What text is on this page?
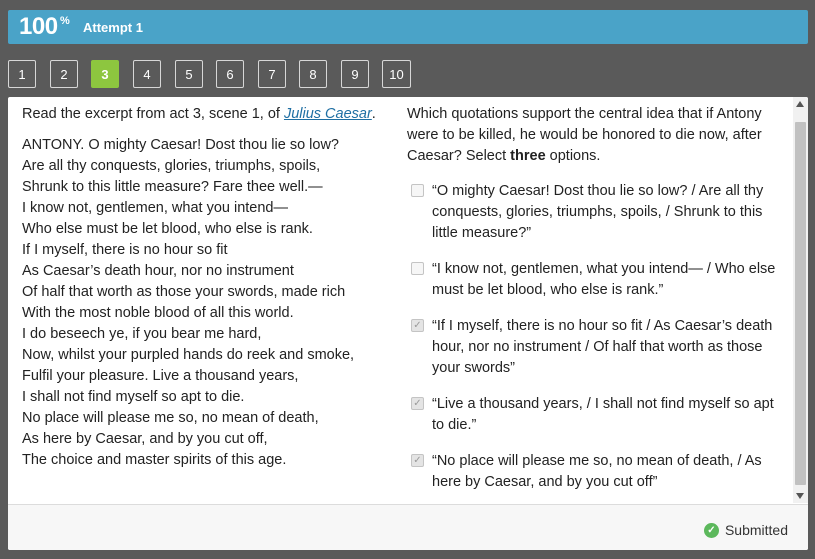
100 % Attempt 1
1	2	3	4	5	6	7	8	9	10

Read the excerpt from act 3, scene 1, of Julius Caesar.

ANTONY. O mighty Caesar! Dost thou lie so low?
Are all thy conquests, glories, triumphs, spoils,
Shrunk to this little measure? Fare thee well.—
I know not, gentlemen, what you intend—
Who else must be let blood, who else is rank.
If I myself, there is no hour so fit
As Caesar’s death hour, nor no instrument
Of half that worth as those your swords, made rich
With the most noble blood of all this world.
I do beseech ye, if you bear me hard,
Now, whilst your purpled hands do reek and smoke,
Fulfil your pleasure. Live a thousand years,
I shall not find myself so apt to die.
No place will please me so, no mean of death,
As here by Caesar, and by you cut off,
The choice and master spirits of this age.

Which quotations support the central idea that if Antony were to be killed, he would be honored to die now, after Caesar? Select three options.

“O mighty Caesar! Dost thou lie so low? / Are all thy conquests, glories, triumphs, spoils, / Shrunk to this little measure?”
“I know not, gentlemen, what you intend— / Who else must be let blood, who else is rank.”
✓ “If I myself, there is no hour so fit / As Caesar’s death hour, nor no instrument / Of half that worth as those your swords”
✓ “Live a thousand years, / I shall not find myself so apt to die.”
✓ “No place will please me so, no mean of death, / As here by Caesar, and by you cut off”
✓ Submitted
